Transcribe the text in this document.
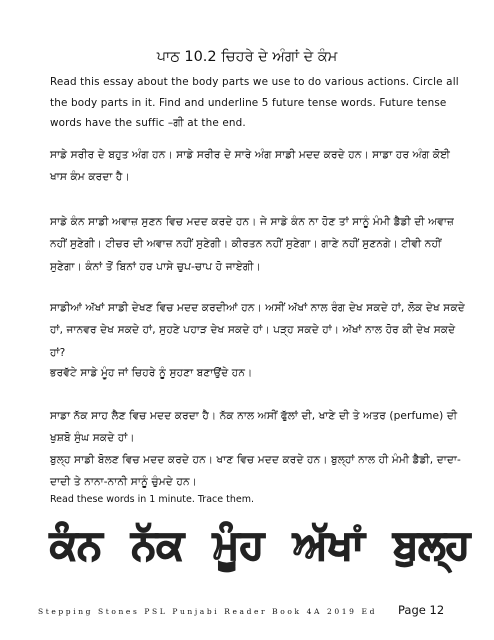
ਪਾਠ 10.2 ਚਿਹਰੇ ਦੇ ਅੰਗਾਂ ਦੇ ਕੰਮ
Read this essay about the body parts we use to do various actions. Circle all the body parts in it. Find and underline 5 future tense words. Future tense words have the suffic –ਗੀ at the end.

ਸਾਡੇ ਸਰੀਰ ਦੇ ਬਹੁਤ ਅੰਗ ਹਨ। ਸਾਡੇ ਸਰੀਰ ਦੇ ਸਾਰੇ ਅੰਗ ਸਾਡੀ ਮਦਦ ਕਰਦੇ ਹਨ। ਸਾਡਾ ਹਰ ਅੰਗ ਕੋਈ ਖਾਸ ਕੰਮ ਕਰਦਾ ਹੈ।

ਸਾਡੇ ਕੰਨ ਸਾਡੀ ਅਵਾਜ਼ ਸੁਣਨ ਵਿਚ ਮਦਦ ਕਰਦੇ ਹਨ। ਜੇ ਸਾਡੇ ਕੰਨ ਨਾ ਹੋਣ ਤਾਂ ਸਾਨੂੰ ਮੰਮੀ ਡੈਡੀ ਦੀ ਅਵਾਜ਼ ਨਹੀਂ ਸੁਣੇਗੀ। ਟੀਚਰ ਦੀ ਅਵਾਜ਼ ਨਹੀਂ ਸੁਣੇਗੀ। ਕੀਰਤਨ ਨਹੀਂ ਸੁਣੇਗਾ। ਗਾਣੇ ਨਹੀਂ ਸੁਣਨਗੇ। ਟੀਵੀ ਨਹੀਂ ਸੁਣੇਗਾ। ਕੰਨਾਂ ਤੋਂ ਬਿਨਾਂ ਹਰ ਪਾਸੇ ਚੁਪ-ਚਾਪ ਹੋ ਜਾਏਗੀ।

ਸਾਡੀਆਂ ਅੱਖਾਂ ਸਾਡੀ ਦੇਖਣ ਵਿਚ ਮਦਦ ਕਰਦੀਆਂ ਹਨ। ਅਸੀਂ ਅੱਖਾਂ ਨਾਲ ਰੰਗ ਦੇਖ ਸਕਦੇ ਹਾਂ, ਲੋਕ ਦੇਖ ਸਕਦੇ ਹਾਂ, ਜਾਨਵਰ ਦੇਖ ਸਕਦੇ ਹਾਂ, ਸੁਹਣੇ ਪਹਾੜ ਦੇਖ ਸਕਦੇ ਹਾਂ। ਪੜ੍ਹ ਸਕਦੇ ਹਾਂ। ਅੱਖਾਂ ਨਾਲ ਹੋਰ ਕੀ ਦੇਖ ਸਕਦੇ ਹਾਂ?

ਭਰਵੱਟੇ ਸਾਡੇ ਮੂੰਹ ਜਾਂ ਚਿਹਰੇ ਨੂੰ ਸੁਹਣਾ ਬਣਾਉਂਦੇ ਹਨ।

ਸਾਡਾ ਨੱਕ ਸਾਹ ਲੈਣ ਵਿਚ ਮਦਦ ਕਰਦਾ ਹੈ। ਨੱਕ ਨਾਲ ਅਸੀਂ ਫੁੱਲਾਂ ਦੀ, ਖਾਣੇ ਦੀ ਤੇ ਅਤਰ (perfume) ਦੀ ਖੁਸ਼ਬੋ ਸੁੰਘ ਸਕਦੇ ਹਾਂ।

ਬੁਲ੍ਹ ਸਾਡੀ ਬੋਲਣ ਵਿਚ ਮਦਦ ਕਰਦੇ ਹਨ। ਖਾਣ ਵਿਚ ਮਦਦ ਕਰਦੇ ਹਨ। ਬੁਲ੍ਹਾਂ ਨਾਲ ਹੀ ਮੰਮੀ ਡੈਡੀ, ਦਾਦਾ-ਦਾਦੀ ਤੇ ਨਾਨਾ-ਨਾਨੀ ਸਾਨੂੰ ਚੁੰਮਦੇ ਹਨ।

Read these words in 1 minute. Trace them.
ਕੰਨ ਨੱਕ ਮੂੰਹ ਅੱਖਾਂ ਬੁਲ੍ਹ
Stepping Stones PSL Punjabi Reader Book 4A 2019 Ed Page 12
